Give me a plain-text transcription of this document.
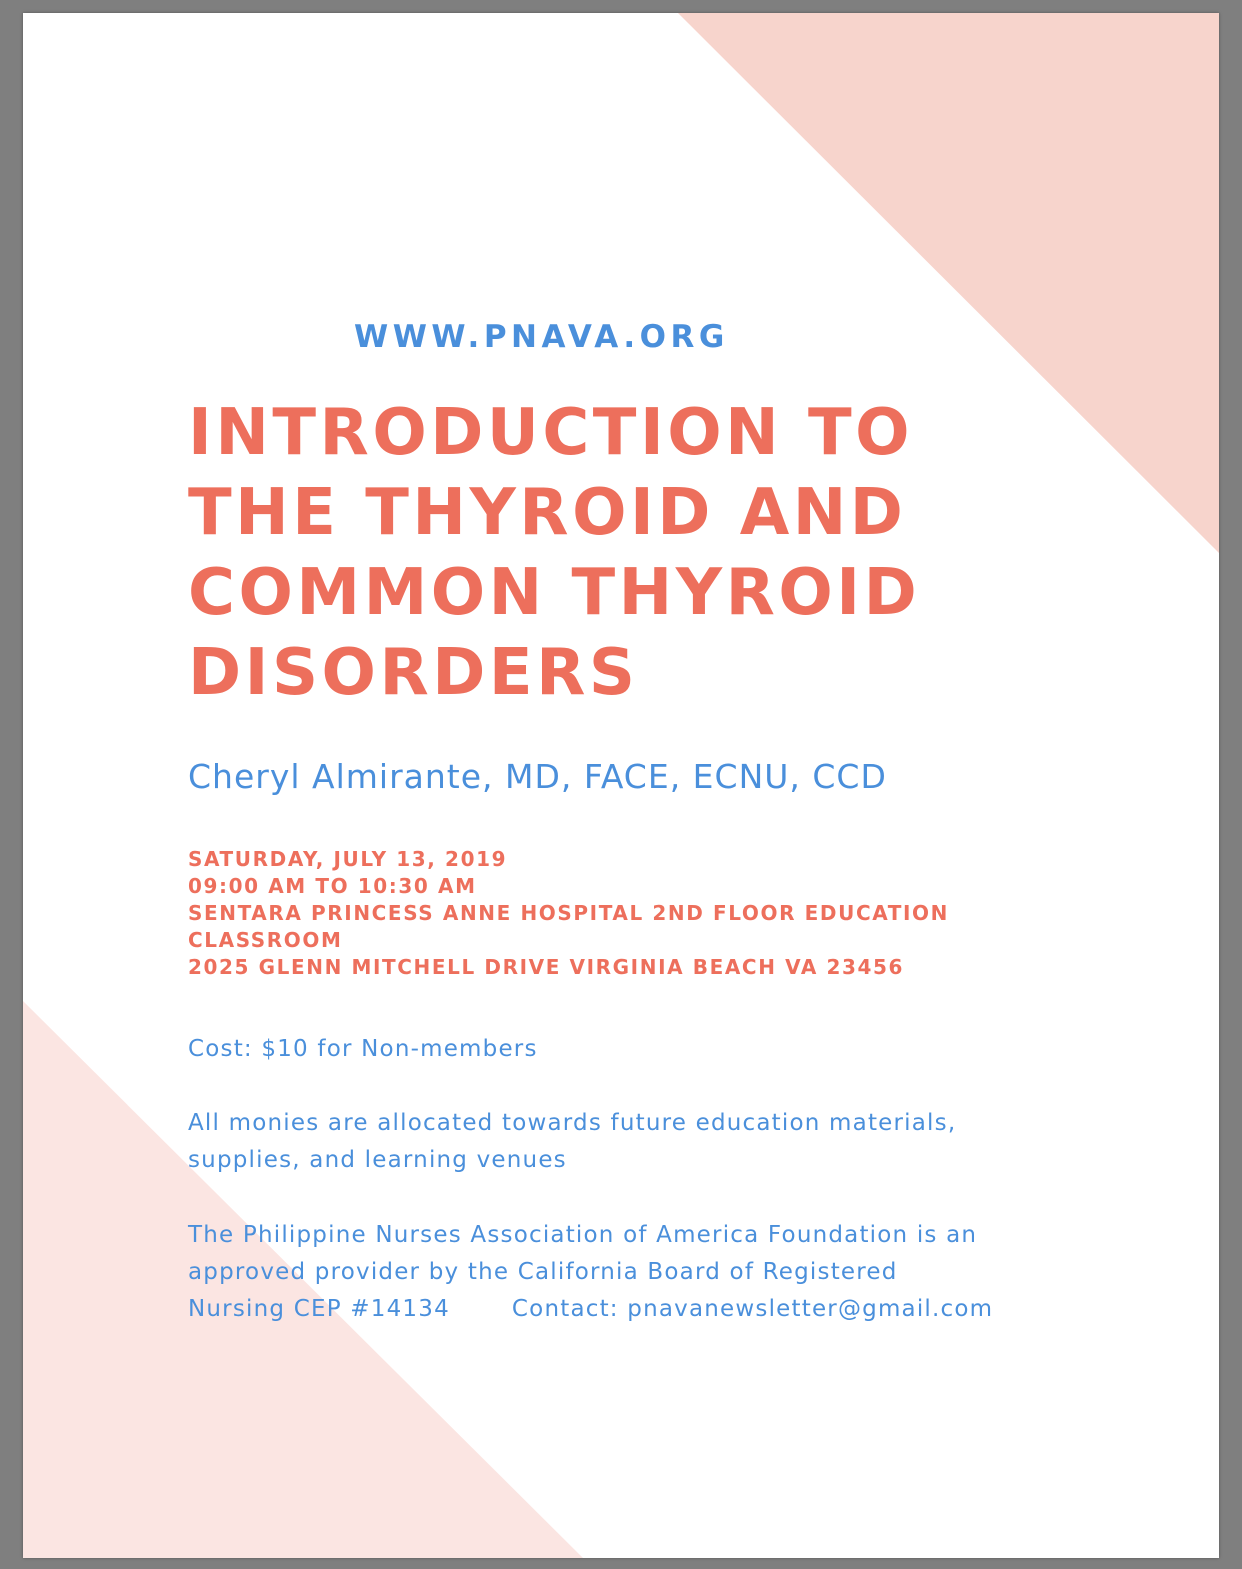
WWW.PNAVA.ORG
INTRODUCTION TO
THE THYROID AND
COMMON THYROID
DISORDERS
Cheryl Almirante, MD, FACE, ECNU, CCD
SATURDAY, JULY 13, 2019
09:00 AM TO 10:30 AM
SENTARA PRINCESS ANNE HOSPITAL 2ND FLOOR EDUCATION
CLASSROOM
2025 GLENN MITCHELL DRIVE VIRGINIA BEACH VA 23456
Cost: $10 for Non-members
All monies are allocated towards future education materials,
supplies, and learning venues
The Philippine Nurses Association of America Foundation is an
approved provider by the California Board of Registered
Nursing CEP #14134	Contact: pnavanewsletter@gmail.com
